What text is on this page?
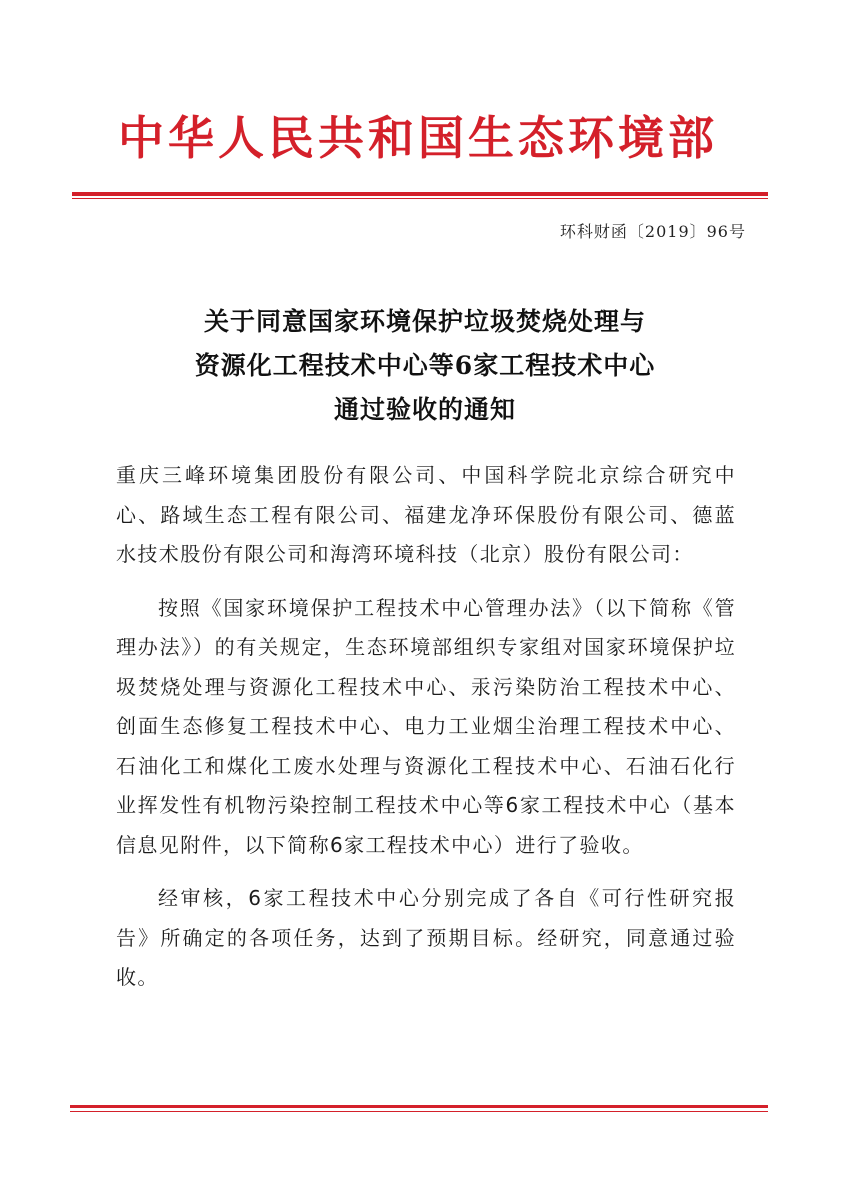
中华人民共和国生态环境部
环科财函〔2019〕96号
关于同意国家环境保护垃圾焚烧处理与
资源化工程技术中心等6家工程技术中心
通过验收的通知

重庆三峰环境集团股份有限公司、中国科学院北京综合研究中心、路域生态工程有限公司、福建龙净环保股份有限公司、德蓝水技术股份有限公司和海湾环境科技（北京）股份有限公司：

按照《国家环境保护工程技术中心管理办法》（以下简称《管理办法》）的有关规定，生态环境部组织专家组对国家环境保护垃圾焚烧处理与资源化工程技术中心、汞污染防治工程技术中心、创面生态修复工程技术中心、电力工业烟尘治理工程技术中心、石油化工和煤化工废水处理与资源化工程技术中心、石油石化行业挥发性有机物污染控制工程技术中心等6家工程技术中心（基本信息见附件，以下简称6家工程技术中心）进行了验收。

经审核，6家工程技术中心分别完成了各自《可行性研究报告》所确定的各项任务，达到了预期目标。经研究，同意通过验收。
